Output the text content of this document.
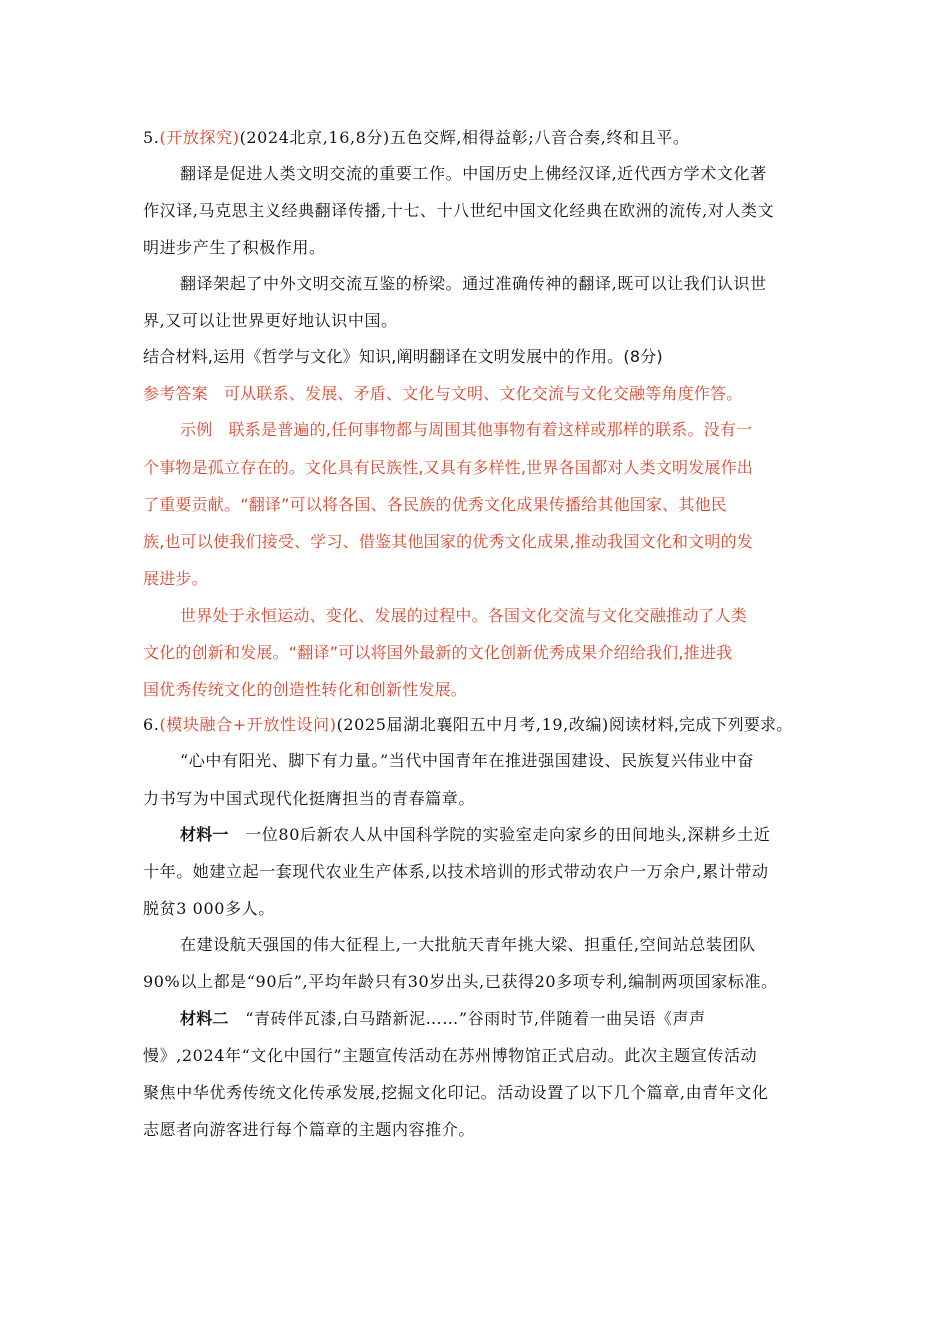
5.(开放探究)(2024北京,16,8分)五色交辉,相得益彰;八音合奏,终和且平。
翻译是促进人类文明交流的重要工作。中国历史上佛经汉译,近代西方学术文化著
作汉译,马克思主义经典翻译传播,十七、十八世纪中国文化经典在欧洲的流传,对人类文
明进步产生了积极作用。
翻译架起了中外文明交流互鉴的桥梁。通过准确传神的翻译,既可以让我们认识世
界,又可以让世界更好地认识中国。
结合材料,运用《哲学与文化》知识,阐明翻译在文明发展中的作用。(8分)
参考答案　可从联系、发展、矛盾、文化与文明、文化交流与文化交融等角度作答。
示例　联系是普遍的,任何事物都与周围其他事物有着这样或那样的联系。没有一
个事物是孤立存在的。文化具有民族性,又具有多样性,世界各国都对人类文明发展作出
了重要贡献。“翻译”可以将各国、各民族的优秀文化成果传播给其他国家、其他民
族,也可以使我们接受、学习、借鉴其他国家的优秀文化成果,推动我国文化和文明的发
展进步。
世界处于永恒运动、变化、发展的过程中。各国文化交流与文化交融推动了人类
文化的创新和发展。“翻译”可以将国外最新的文化创新优秀成果介绍给我们,推进我
国优秀传统文化的创造性转化和创新性发展。
6.(模块融合+开放性设问)(2025届湖北襄阳五中月考,19,改编)阅读材料,完成下列要求。
“心中有阳光、脚下有力量。”当代中国青年在推进强国建设、民族复兴伟业中奋
力书写为中国式现代化挺膺担当的青春篇章。
材料一　一位80后新农人从中国科学院的实验室走向家乡的田间地头,深耕乡土近
十年。她建立起一套现代农业生产体系,以技术培训的形式带动农户一万余户,累计带动
脱贫3 000多人。
在建设航天强国的伟大征程上,一大批航天青年挑大梁、担重任,空间站总装团队
90%以上都是“90后”,平均年龄只有30岁出头,已获得20多项专利,编制两项国家标准。
材料二　“青砖伴瓦漆,白马踏新泥……”谷雨时节,伴随着一曲吴语《声声
慢》,2024年“文化中国行”主题宣传活动在苏州博物馆正式启动。此次主题宣传活动
聚焦中华优秀传统文化传承发展,挖掘文化印记。活动设置了以下几个篇章,由青年文化
志愿者向游客进行每个篇章的主题内容推介。
